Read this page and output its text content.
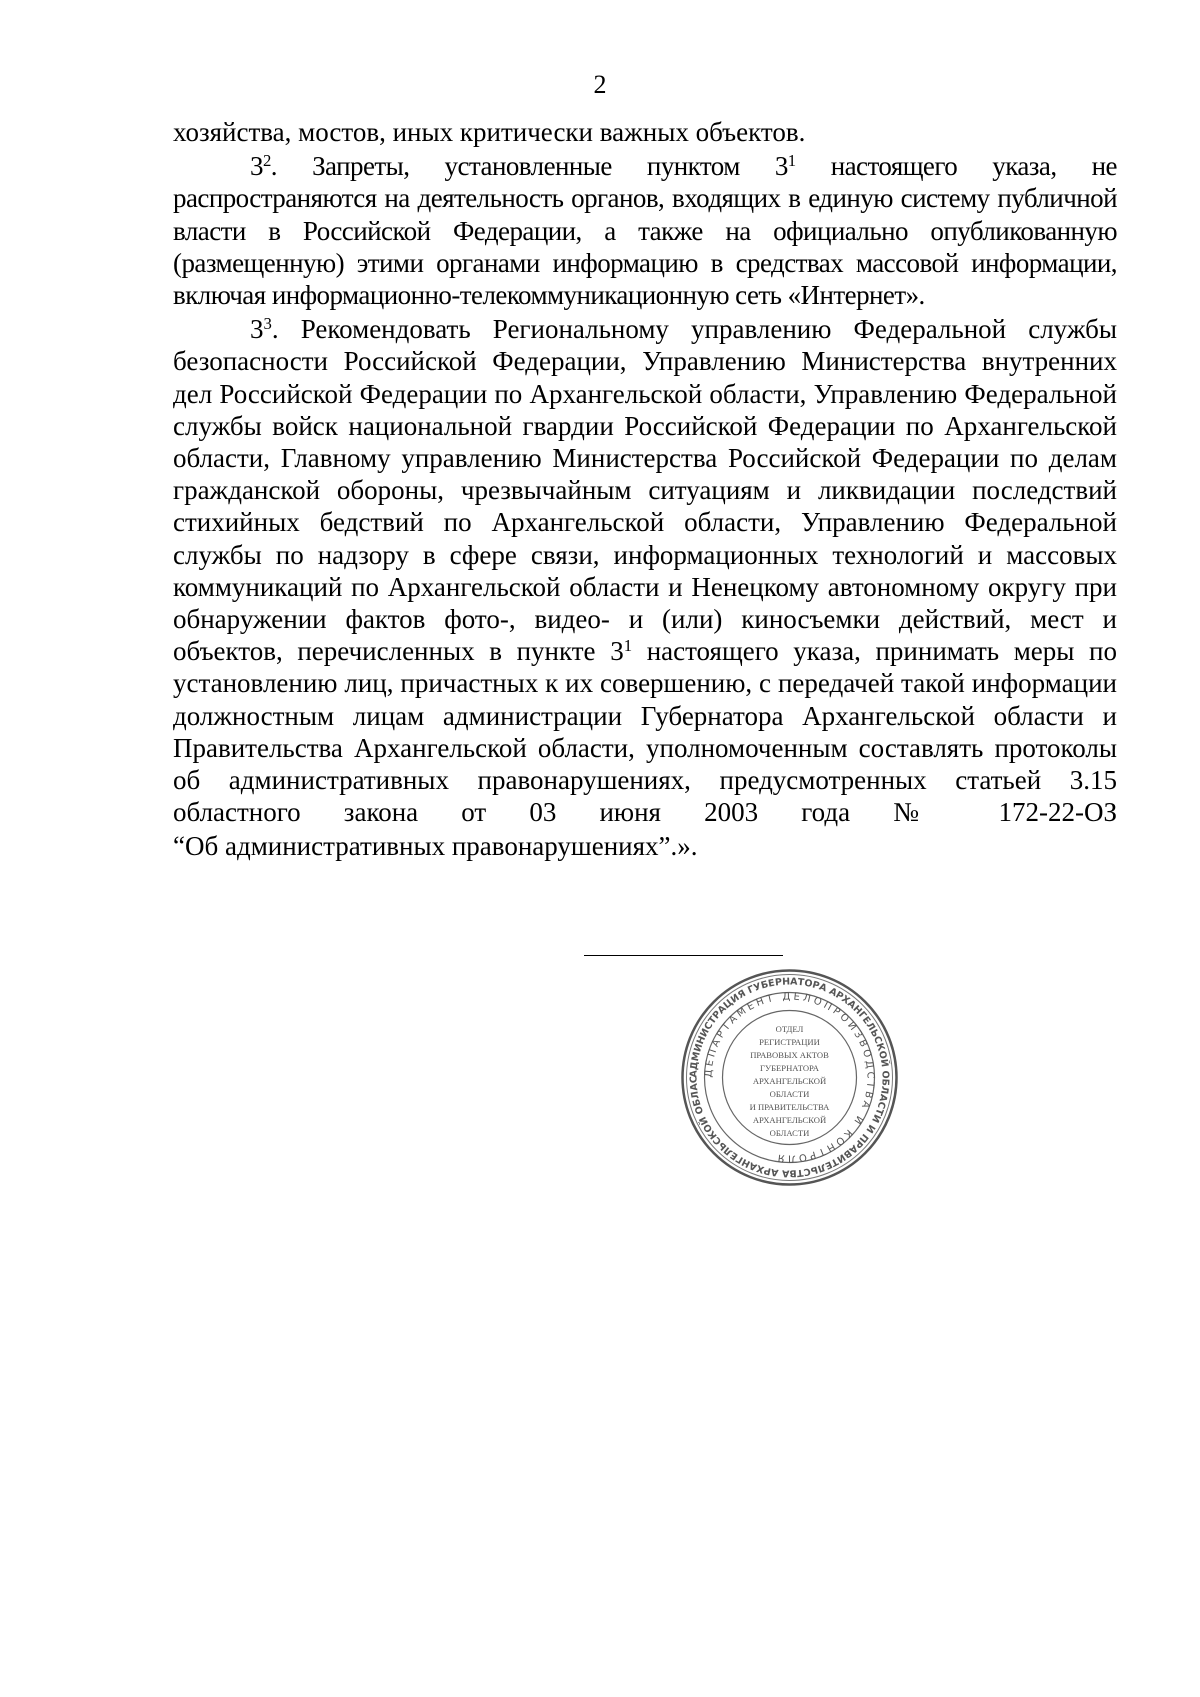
2

хозяйства, мостов, иных критически важных объектов.

$3^2$. Запреты, установленные пунктом $3^1$ настоящего указа, не распространяются на деятельность органов, входящих в единую систему публичной власти в Российской Федерации, а также на официально опубликованную (размещенную) этими органами информацию в средствах массовой информации, включая информационно-телекоммуникационную сеть «Интернет».

$3^3$. Рекомендовать Региональному управлению Федеральной службы безопасности Российской Федерации, Управлению Министерства внутренних дел Российской Федерации по Архангельской области, Управлению Федеральной службы войск национальной гвардии Российской Федерации по Архангельской области, Главному управлению Министерства Российской Федерации по делам гражданской обороны, чрезвычайным ситуациям и ликвидации последствий стихийных бедствий по Архангельской области, Управлению Федеральной службы по надзору в сфере связи, информационных технологий и массовых коммуникаций по Архангельской области и Ненецкому автономному округу при обнаружении фактов фото-, видео- и (или) киносъемки действий, мест и объектов, перечисленных в пункте $3^1$ настоящего указа, принимать меры по установлению лиц, причастных к их совершению, с передачей такой информации должностным лицам администрации Губернатора Архангельской области и Правительства Архангельской области, уполномоченным составлять протоколы об административных правонарушениях, предусмотренных статьей 3.15 областного закона от 03 июня 2003 года № 172-22-ОЗ

“Об административных правонарушениях”.».

АДМИНИСТРАЦИЯ ГУБЕРНАТОРА АРХАНГЕЛЬСКОЙ ОБЛАСТИ И ПРАВИТЕЛЬСТВА АРХАНГЕЛЬСКОЙ ОБЛАС
ДЕПАРТАМЕНТ ДЕЛОПРОИЗВОДСТВА И КОНТРОЛЯ
ОТДЕЛ
РЕГИСТРАЦИИ
ПРАВОВЫХ АКТОВ
ГУБЕРНАТОРА
АРХАНГЕЛЬСКОЙ
ОБЛАСТИ
И ПРАВИТЕЛЬСТВА
АРХАНГЕЛЬСКОЙ
ОБЛАСТИ
